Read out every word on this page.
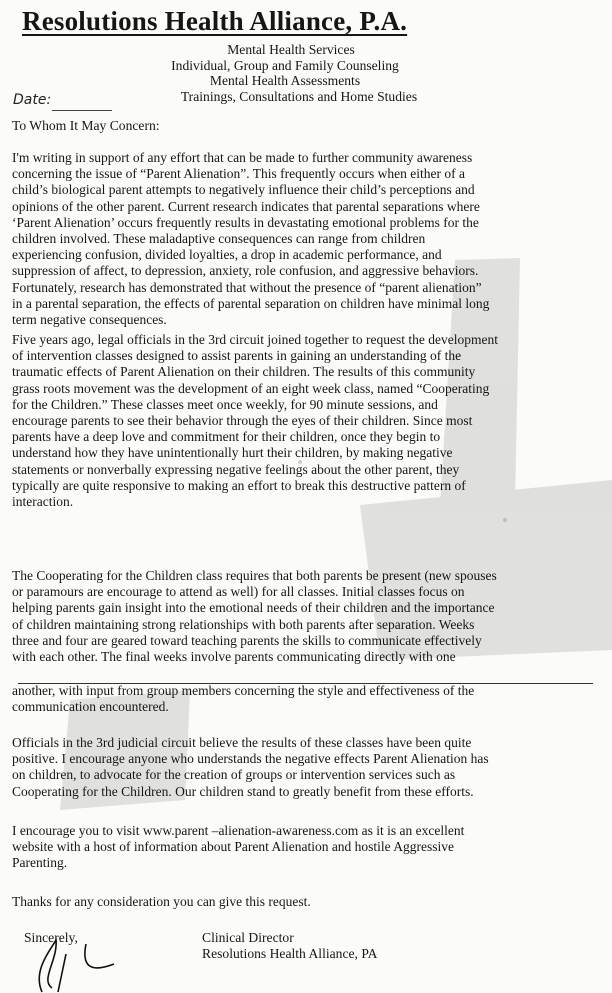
Resolutions Health Alliance, P.A.
Mental Health Services
Individual, Group and Family Counseling
Mental Health Assessments
Trainings, Consultations and Home Studies
Date:
To Whom It May Concern:

I'm writing in support of any effort that can be made to further community awareness
concerning the issue of “Parent Alienation”. This frequently occurs when either of a
child’s biological parent attempts to negatively influence their child’s perceptions and
opinions of the other parent. Current research indicates that parental separations where
‘Parent Alienation’ occurs frequently results in devastating emotional problems for the
children involved. These maladaptive consequences can range from children
experiencing confusion, divided loyalties, a drop in academic performance, and
suppression of affect, to depression, anxiety, role confusion, and aggressive behaviors.
Fortunately, research has demonstrated that without the presence of “parent alienation”
in a parental separation, the effects of parental separation on children have minimal long
term negative consequences.

Five years ago, legal officials in the 3rd circuit joined together to request the development
of intervention classes designed to assist parents in gaining an understanding of the
traumatic effects of Parent Alienation on their children. The results of this community
grass roots movement was the development of an eight week class, named “Cooperating
for the Children.” These classes meet once weekly, for 90 minute sessions, and
encourage parents to see their behavior through the eyes of their children. Since most
parents have a deep love and commitment for their children, once they begin to
understand how they have unintentionally hurt their children, by making negative
statements or nonverbally expressing negative feelings about the other parent, they
typically are quite responsive to making an effort to break this destructive pattern of
interaction.

The Cooperating for the Children class requires that both parents be present (new spouses
or paramours are encourage to attend as well) for all classes. Initial classes focus on
helping parents gain insight into the emotional needs of their children and the importance
of children maintaining strong relationships with both parents after separation. Weeks
three and four are geared toward teaching parents the skills to communicate effectively
with each other. The final weeks involve parents communicating directly with one

another, with input from group members concerning the style and effectiveness of the
communication encountered.

Officials in the 3rd judicial circuit believe the results of these classes have been quite
positive. I encourage anyone who understands the negative effects Parent Alienation has
on children, to advocate for the creation of groups or intervention services such as
Cooperating for the Children. Our children stand to greatly benefit from these efforts.

I encourage you to visit www.parent –alienation-awareness.com as it is an excellent
website with a host of information about Parent Alienation and hostile Aggressive
Parenting.

Thanks for any consideration you can give this request.

Sincerely,	Clinical Director
Resolutions Health Alliance, PA
